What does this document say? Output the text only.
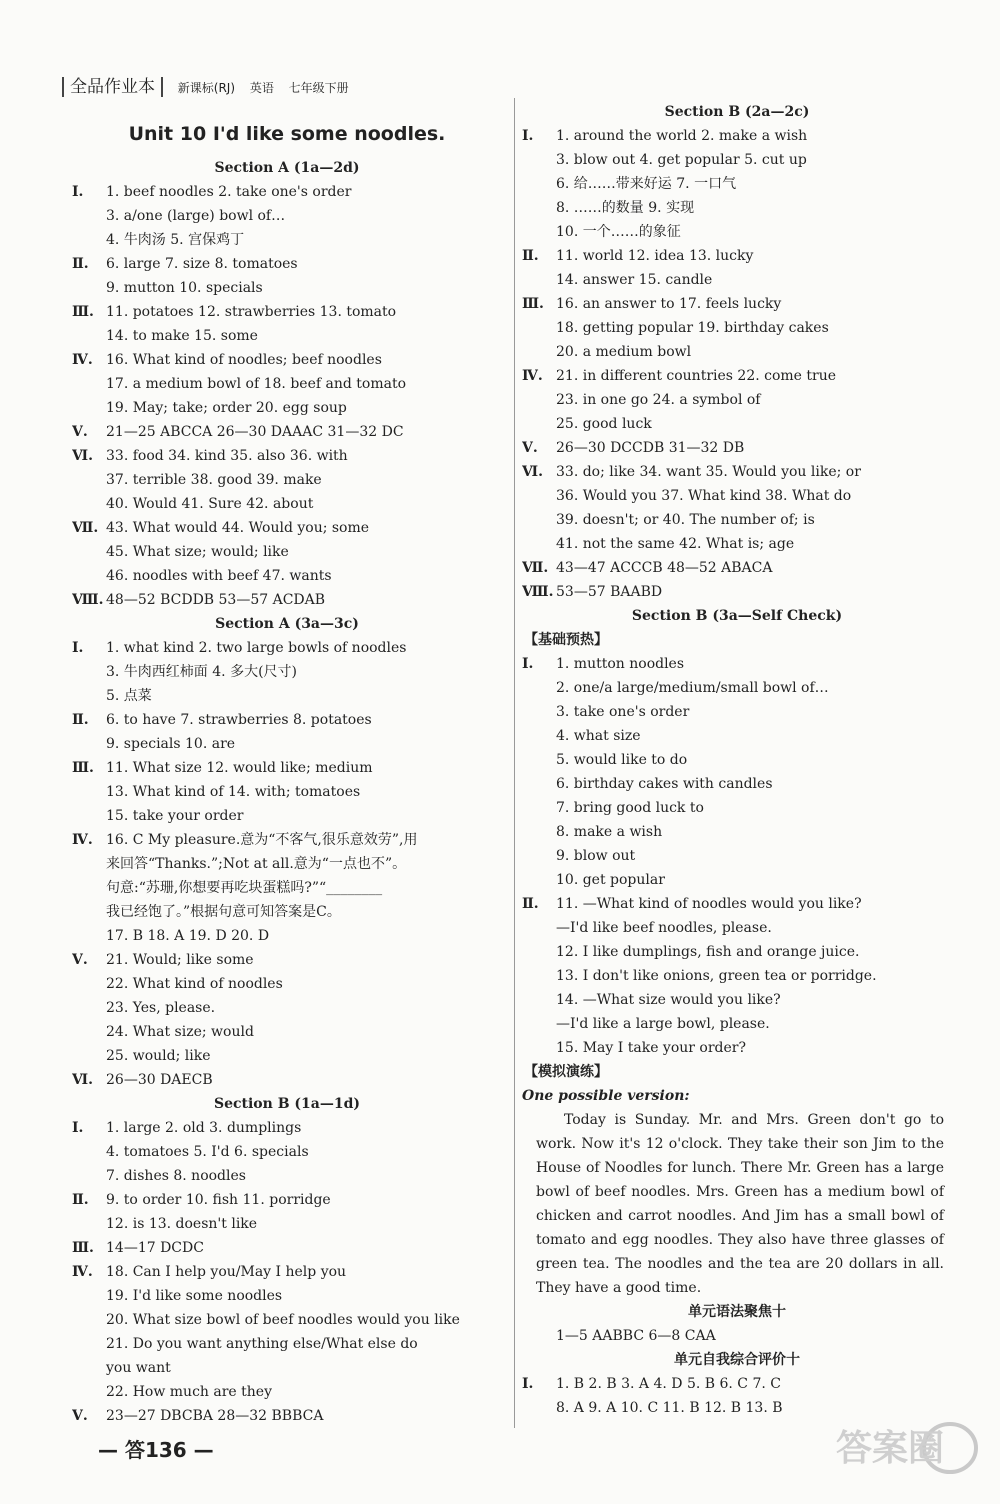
全品作业本 新课标(RJ) 英语 七年级下册
Unit 10 I'd like some noodles.
Section A (1a—2d)
Ⅰ. 1. beef noodles 2. take one's order
3. a/one (large) bowl of…
4. 牛肉汤 5. 宫保鸡丁
Ⅱ. 6. large 7. size 8. tomatoes
9. mutton 10. specials
Ⅲ. 11. potatoes 12. strawberries 13. tomato
14. to make 15. some
Ⅳ. 16. What kind of noodles; beef noodles
17. a medium bowl of 18. beef and tomato
19. May; take; order 20. egg soup
Ⅴ. 21—25 ABCCA 26—30 DAAAC 31—32 DC
Ⅵ. 33. food 34. kind 35. also 36. with
37. terrible 38. good 39. make
40. Would 41. Sure 42. about
Ⅶ. 43. What would 44. Would you; some
45. What size; would; like
46. noodles with beef 47. wants
Ⅷ. 48—52 BCDDB 53—57 ACDAB
Section A (3a—3c)
Ⅰ. 1. what kind 2. two large bowls of noodles
3. 牛肉西红柿面 4. 多大(尺寸)
5. 点菜
Ⅱ. 6. to have 7. strawberries 8. potatoes
9. specials 10. are
Ⅲ. 11. What size 12. would like; medium
13. What kind of 14. with; tomatoes
15. take your order
Ⅳ. 16. C My pleasure.意为“不客气,很乐意效劳”,用
来回答“Thanks.”;Not at all.意为“一点也不”。
句意:“苏珊,你想要再吃块蛋糕吗?”“________
我已经饱了。”根据句意可知答案是C。
17. B 18. A 19. D 20. D
Ⅴ. 21. Would; like some
22. What kind of noodles
23. Yes, please.
24. What size; would
25. would; like
Ⅵ. 26—30 DAECB
Section B (1a—1d)
Ⅰ. 1. large 2. old 3. dumplings
4. tomatoes 5. I'd 6. specials
7. dishes 8. noodles
Ⅱ. 9. to order 10. fish 11. porridge
12. is 13. doesn't like
Ⅲ. 14—17 DCDC
Ⅳ. 18. Can I help you/May I help you
19. I'd like some noodles
20. What size bowl of beef noodles would you like
21. Do you want anything else/What else do
you want
22. How much are they
Ⅴ. 23—27 DBCBA 28—32 BBBCA
Section B (2a—2c)
Ⅰ. 1. around the world 2. make a wish
3. blow out 4. get popular 5. cut up
6. 给……带来好运 7. 一口气
8. ……的数量 9. 实现
10. 一个……的象征
Ⅱ. 11. world 12. idea 13. lucky
14. answer 15. candle
Ⅲ. 16. an answer to 17. feels lucky
18. getting popular 19. birthday cakes
20. a medium bowl
Ⅳ. 21. in different countries 22. come true
23. in one go 24. a symbol of
25. good luck
Ⅴ. 26—30 DCCDB 31—32 DB
Ⅵ. 33. do; like 34. want 35. Would you like; or
36. Would you 37. What kind 38. What do
39. doesn't; or 40. The number of; is
41. not the same 42. What is; age
Ⅶ. 43—47 ACCCB 48—52 ABACA
Ⅷ. 53—57 BAABD
Section B (3a—Self Check)
【基础预热】
Ⅰ. 1. mutton noodles
2. one/a large/medium/small bowl of…
3. take one's order
4. what size
5. would like to do
6. birthday cakes with candles
7. bring good luck to
8. make a wish
9. blow out
10. get popular
Ⅱ. 11. —What kind of noodles would you like?
—I'd like beef noodles, please.
12. I like dumplings, fish and orange juice.
13. I don't like onions, green tea or porridge.
14. —What size would you like?
—I'd like a large bowl, please.
15. May I take your order?
【模拟演练】
One possible version:
Today is Sunday. Mr. and Mrs. Green don't go to work. Now it's 12 o'clock. They take their son Jim to the House of Noodles for lunch. There Mr. Green has a large bowl of beef noodles. Mrs. Green has a medium bowl of chicken and carrot noodles. And Jim has a small bowl of tomato and egg noodles. They also have three glasses of green tea. The noodles and the tea are 20 dollars in all. They have a good time.
单元语法聚焦十
1—5 AABBC 6—8 CAA
单元自我综合评价十
Ⅰ. 1. B 2. B 3. A 4. D 5. B 6. C 7. C
8. A 9. A 10. C 11. B 12. B 13. B
— 答136 —	答案圈
